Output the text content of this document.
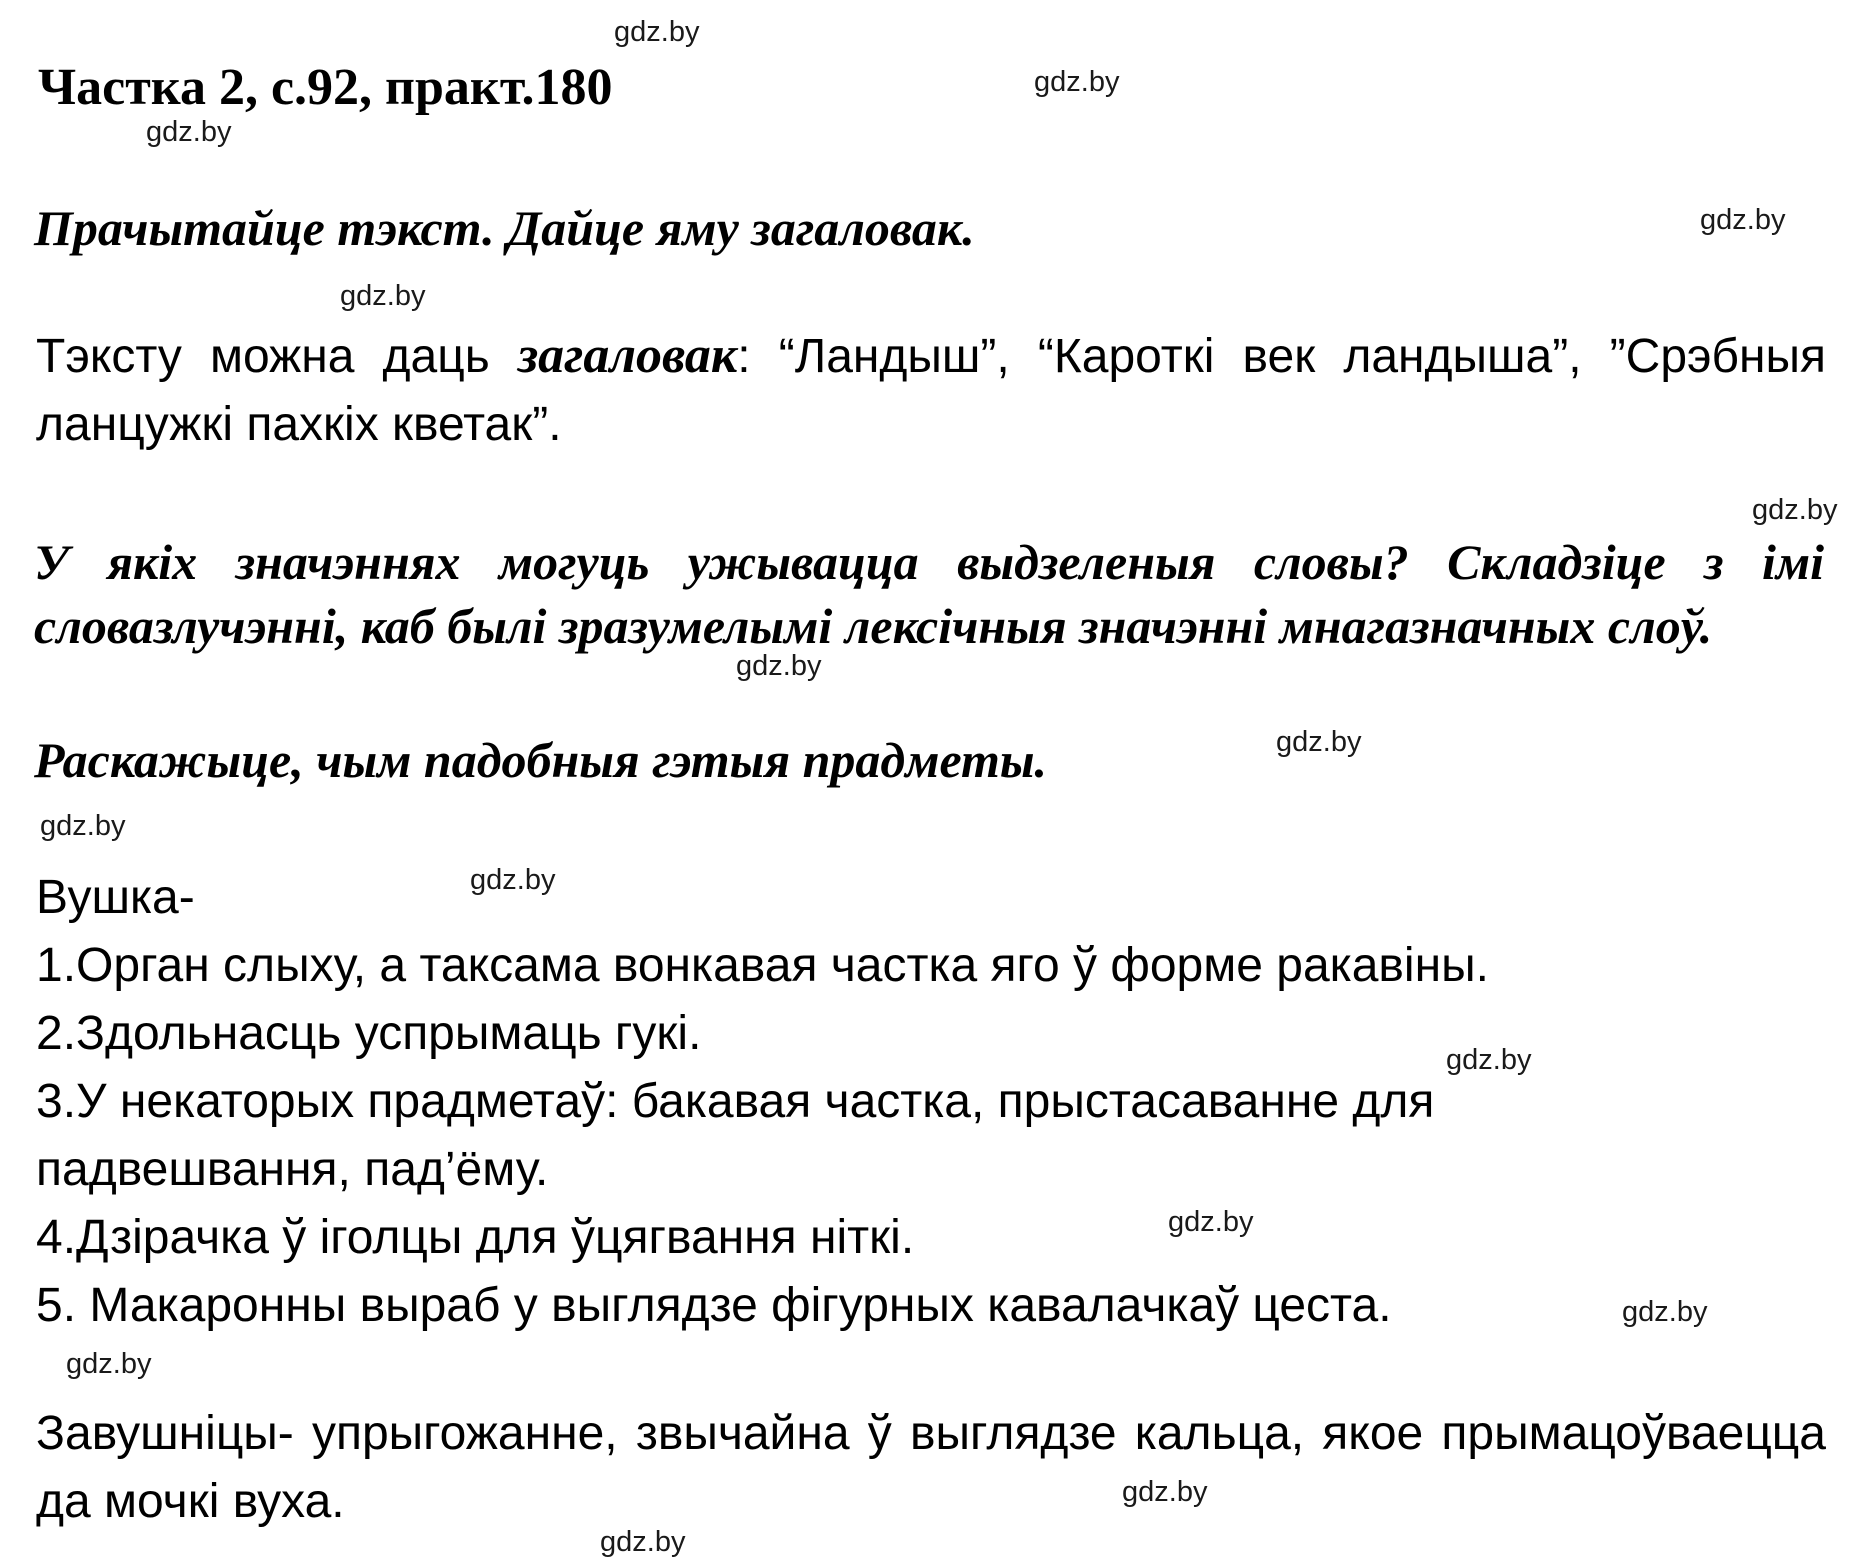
Частка 2, с.92, практ.180
Прачытайце тэкст. Дайце яму загаловак.
Тэксту можна даць загаловак: “Ландыш”, “Кароткі век ландыша”, ”Срэбныя ланцужкі пахкіх кветак”.
У якіх значэннях могуць ужывацца выдзеленыя словы? Складзіце з імі словазлучэнні, каб былі зразумелымі лексічныя значэнні мнагазначных слоў.
Раскажыце, чым падобныя гэтыя прадметы.
Вушка-
1.Орган слыху, а таксама вонкавая частка яго ў форме ракавіны.
2.Здольнасць успрымаць гукі.
3.У некаторых прадметаў: бакавая частка, прыстасаванне для
падвешвання, пад’ёму.
4.Дзірачка ў іголцы для ўцягвання ніткі.
5. Макаронны выраб у выглядзе фігурных кавалачкаў цеста.
Завушніцы- упрыгожанне, звычайна ў выглядзе кальца, якое прымацоўваецца да мочкі вуха.
gdz.by
gdz.by
gdz.by
gdz.by
gdz.by
gdz.by
gdz.by
gdz.by
gdz.by
gdz.by
gdz.by
gdz.by
gdz.by
gdz.by
gdz.by
gdz.by
